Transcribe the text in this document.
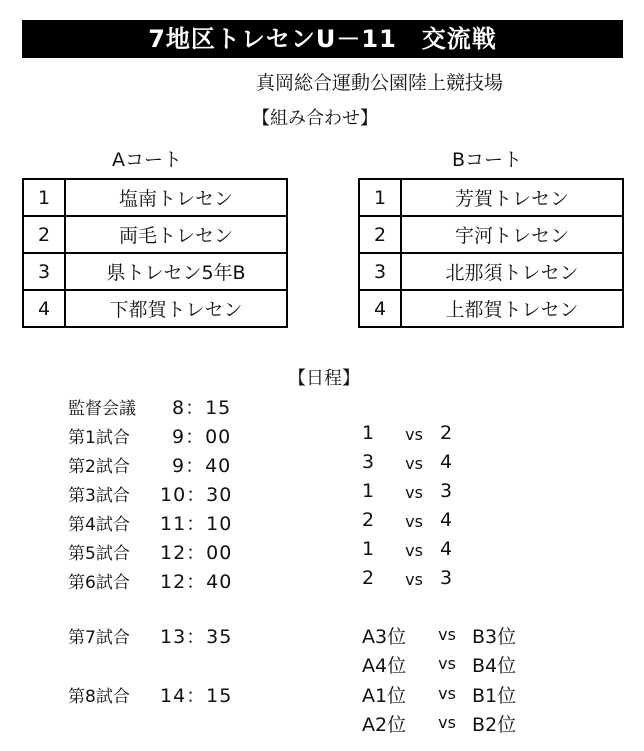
7地区トレセンU－11　交流戦
真岡総合運動公園陸上競技場
【組み合わせ】
Aコート	Bコート
1	塩南トレセン
2	両毛トレセン
3	県トレセン5年B
4	下都賀トレセン
1	芳賀トレセン
2	宇河トレセン
3	北那須トレセン
4	上都賀トレセン
【日程】
監督会議 8：15
第1試合 9：00	1	vs 2
第2試合 9：40	3	vs 4
第3試合 10：30	1	vs 3
第4試合 11：10	2	vs 4
第5試合 12：00	1	vs 4
第6試合 12：40	2	vs 3
第7試合 13：35	A3位	vs B3位
A4位	vs B4位
第8試合 14：15	A1位	vs B1位
A2位	vs B2位
